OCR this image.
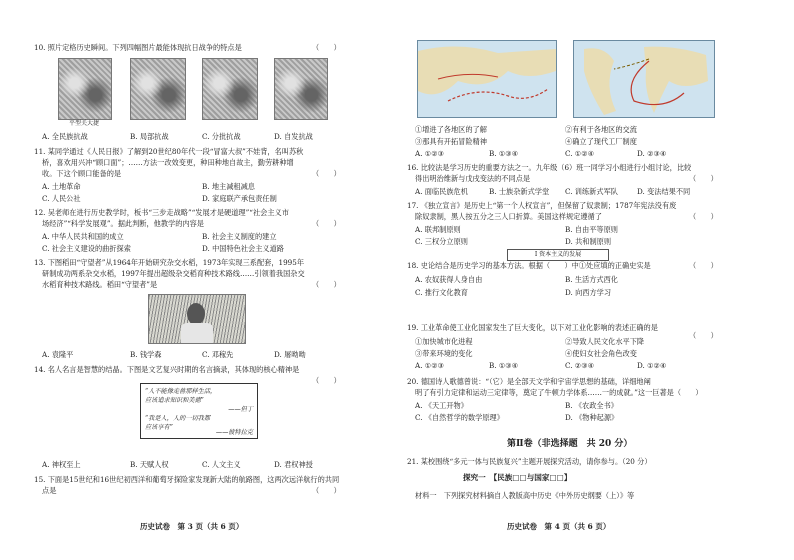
10. 照片定格历史瞬间。下列四幅图片最能体现抗日战争的特点是	（　　）
平型关大捷
A. 全民族抗战	B. 局部抗战	C. 分批抗战	D. 自发抗战
11. 某同学通过《人民日报》了解到20世纪80年代一段“冒富大叔”不娃背，名叫苏秋
桥，喜欢用兴冲“顾口面”；……方法一改效变更，种田种地自故主，勤劳耕种增
收。下这个顾口能备的是	（　　）
A. 土地革命	B. 地主减租减息
C. 人民公社	D. 家庭联产承包责任制
12. 吴老师在进行历史教学时，板书“三步走战略”“发展才是硬道理”“社会主义市
场经济”“科学发展观”。据此判断，他教学的内容是	（　　）
A. 中华人民共和国的成立	B. 社会主义制度的建立
C. 社会主义建设的曲折探索	D. 中国特色社会主义道路
13. 下图稻田“守望者”从1964年开始研究杂交水稻，1973年实现三系配套，1995年
研制成功两系杂交水稻，1997年提出超级杂交稻育种技术路线……引领着我国杂交
水稻育种技术路线。稻田“守望者”是	（　　）
A. 袁隆平	B. 钱学森	C. 邓稼先	D. 屠呦呦
14. 名人名言是智慧的结晶。下图是文艺复兴时期的名言摘录，其体现的核心精神是
（　　）
“人不能像走兽那样生活，
应该追求知识和美德”
——但丁
“我是人，人的一切我都
应该享有”
——彼特拉克
A. 神权至上	B. 天赋人权	C. 人文主义	D. 君权神授
15. 下面是15世纪和16世纪初西洋和葡萄牙探险家发现新大陆的航路图，这两次远洋航行的共同
点是	（　　）
历史试卷　第 3 页（共 6 页）
①增进了各地区的了解	②有利于各地区的交流
③那具有开拓冒险精神	④确立了现代工厂制度
A. ①②③	B. ①③④	C. ①②④	D. ②③④
16. 比较法是学习历史的重要方法之一。九年级（6）班一同学习小组进行小组讨论，比较
得出明治维新与戊戌变法的不同点是	（　　）
A. 面临民族危机	B. 士族杂新式学堂 C. 训练新式军队	D. 变法结果不同
17. 《独立宣言》是历史上“第一个人权宣言”，但保留了奴隶制；1787年宪法没有废
除奴隶制，黑人按五分之三人口折算。美国这样规定遵循了	（　　）
A. 联邦制原则	B. 自由平等原则
C. 三权分立原则	D. 共和制原则
18. 史论结合是历史学习的基本方法。根据（　　）中①处应填的正确史实是	（　　）
I 资本主义的发展
A. 农奴获得人身自由	B. 生活方式西化
C. 推行文化教育	D. 向西方学习
19. 工业革命使工业化国家发生了巨大变化，以下对工业化影响的表述正确的是
（　　）
①加快城市化进程	②导致人民文化水平下降
③带来环境的变化	④使妇女社会角色改变
A. ①②③	B. ①③④	C. ②③④	D. ①②④
20. 德国诗人歌德曾说：“（它）是全部天文学和宇宙学思想的基础，详细地阐
明了有引力定律和运动三定律等，奠定了牛顿力学体系……一的成就。”这一巨著是（　　）
A. 《天工开物》	B. 《农政全书》
C. 《自然哲学的数学原理》	D. 《物种起源》
第Ⅱ卷（非选择题　共 20 分）
21. 某校围绕“多元一体与民族复兴”主题开展探究活动，请你参与。（20 分）
探究一　【民族□□与国家□□】
材料一　下列探究材料摘自人教版高中历史《中外历史纲要（上）》等
历史试卷　第 4 页（共 6 页）
